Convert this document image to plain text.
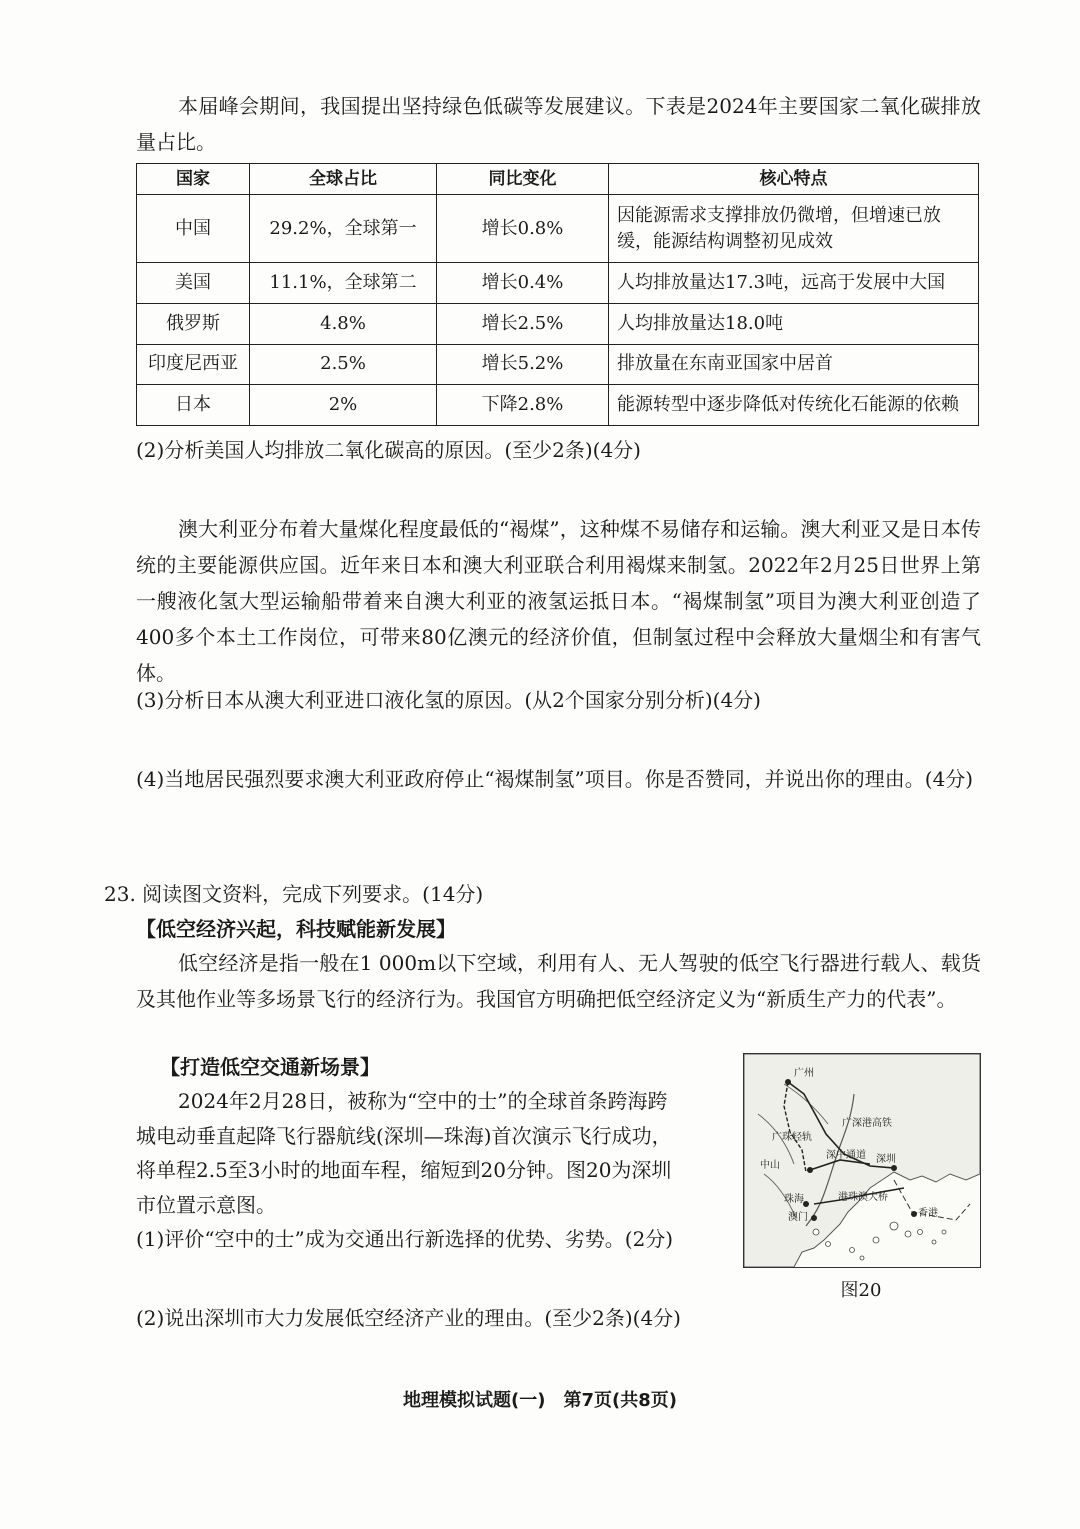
本届峰会期间，我国提出坚持绿色低碳等发展建议。下表是2024年主要国家二氧化碳排放量占比。

国家	全球占比	同比变化	核心特点
中国	29.2%，全球第一	增长0.8%	因能源需求支撑排放仍微增，但增速已放缓，能源结构调整初见成效
美国	11.1%，全球第二	增长0.4%	人均排放量达17.3吨，远高于发展中大国
俄罗斯	4.8%	增长2.5%	人均排放量达18.0吨
印度尼西亚	2.5%	增长5.2%	排放量在东南亚国家中居首
日本	2%	下降2.8%	能源转型中逐步降低对传统化石能源的依赖

(2)分析美国人均排放二氧化碳高的原因。(至少2条)(4分)

澳大利亚分布着大量煤化程度最低的“褐煤”，这种煤不易储存和运输。澳大利亚又是日本传统的主要能源供应国。近年来日本和澳大利亚联合利用褐煤来制氢。2022年2月25日世界上第一艘液化氢大型运输船带着来自澳大利亚的液氢运抵日本。“褐煤制氢”项目为澳大利亚创造了400多个本土工作岗位，可带来80亿澳元的经济价值，但制氢过程中会释放大量烟尘和有害气体。

(3)分析日本从澳大利亚进口液化氢的原因。(从2个国家分别分析)(4分)

(4)当地居民强烈要求澳大利亚政府停止“褐煤制氢”项目。你是否赞同，并说出你的理由。(4分)

23. 阅读图文资料，完成下列要求。(14分)

【低空经济兴起，科技赋能新发展】

低空经济是指一般在1 000m以下空域，利用有人、无人驾驶的低空飞行器进行载人、载货及其他作业等多场景飞行的经济行为。我国官方明确把低空经济定义为“新质生产力的代表”。

【打造低空交通新场景】

2024年2月28日，被称为“空中的士”的全球首条跨海跨

城电动垂直起降飞行器航线(深圳—珠海)首次演示飞行成功，

将单程2.5至3小时的地面车程，缩短到20分钟。图20为深圳

市位置示意图。

(1)评价“空中的士”成为交通出行新选择的优势、劣势。(2分)

广州
广深港高铁
广珠轻轨
深中通道 深圳
中山
珠海	港珠澳大桥
澳门	香港
图20

(2)说出深圳市大力发展低空经济产业的理由。(至少2条)(4分)

地理模拟试题(一)　第7页(共8页)
